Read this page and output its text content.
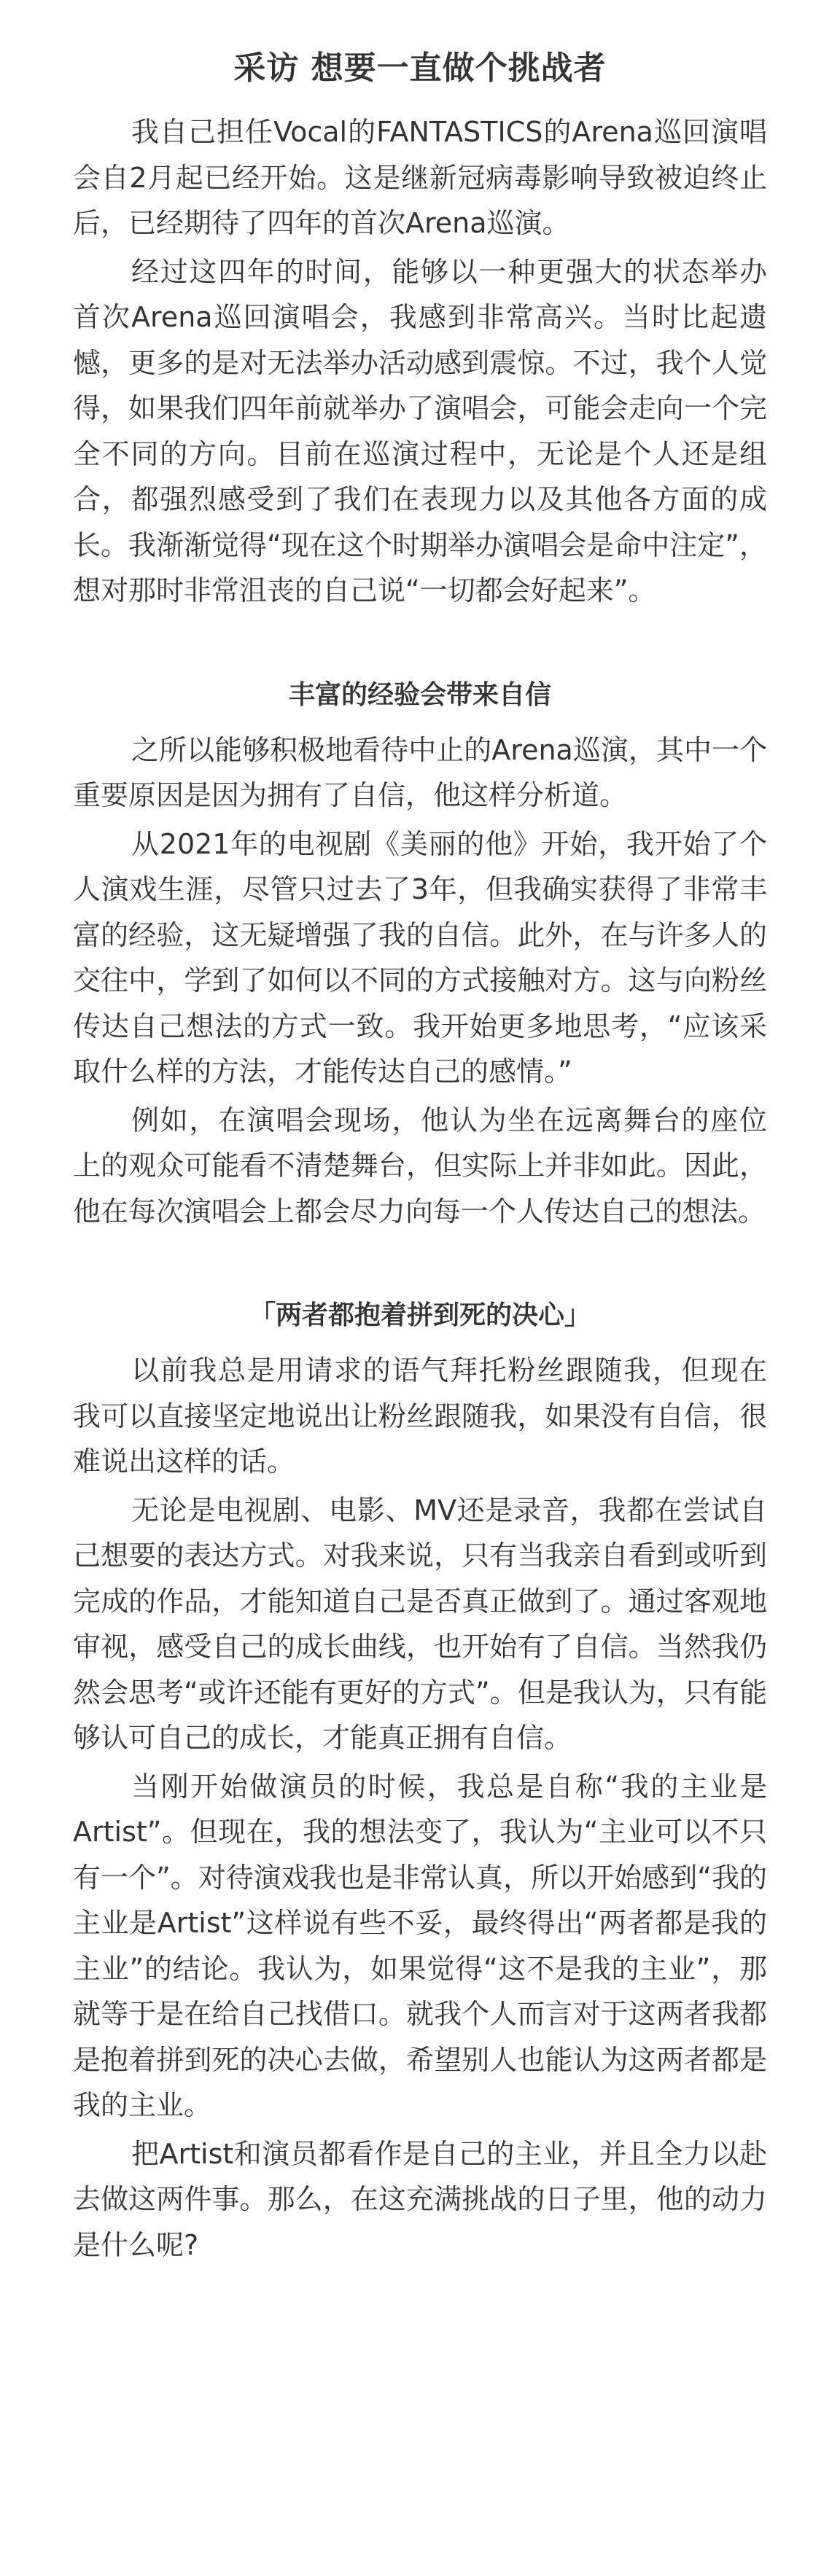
采访 想要一直做个挑战者

我自己担任Vocal的FANTASTICS的Arena巡回演唱会自2月起已经开始。这是继新冠病毒影响导致被迫终止后，已经期待了四年的首次Arena巡演。

经过这四年的时间，能够以一种更强大的状态举办首次Arena巡回演唱会，我感到非常高兴。当时比起遗憾，更多的是对无法举办活动感到震惊。不过，我个人觉得，如果我们四年前就举办了演唱会，可能会走向一个完全不同的方向。目前在巡演过程中，无论是个人还是组合，都强烈感受到了我们在表现力以及其他各方面的成长。我渐渐觉得“现在这个时期举办演唱会是命中注定”，想对那时非常沮丧的自己说“一切都会好起来”。

丰富的经验会带来自信

之所以能够积极地看待中止的Arena巡演，其中一个重要原因是因为拥有了自信，他这样分析道。

从2021年的电视剧《美丽的他》开始，我开始了个人演戏生涯，尽管只过去了3年，但我确实获得了非常丰富的经验，这无疑增强了我的自信。此外，在与许多人的交往中，学到了如何以不同的方式接触对方。这与向粉丝传达自己想法的方式一致。我开始更多地思考，“应该采取什么样的方法，才能传达自己的感情。”

例如，在演唱会现场，他认为坐在远离舞台的座位上的观众可能看不清楚舞台，但实际上并非如此。因此，他在每次演唱会上都会尽力向每一个人传达自己的想法。

「两者都抱着拼到死的决心」

以前我总是用请求的语气拜托粉丝跟随我，但现在我可以直接坚定地说出让粉丝跟随我，如果没有自信，很难说出这样的话。

无论是电视剧、电影、MV还是录音，我都在尝试自己想要的表达方式。对我来说，只有当我亲自看到或听到完成的作品，才能知道自己是否真正做到了。通过客观地审视，感受自己的成长曲线，也开始有了自信。当然我仍然会思考“或许还能有更好的方式”。但是我认为，只有能够认可自己的成长，才能真正拥有自信。

当刚开始做演员的时候，我总是自称“我的主业是Artist”。但现在，我的想法变了，我认为“主业可以不只有一个”。对待演戏我也是非常认真，所以开始感到“我的主业是Artist”这样说有些不妥，最终得出“两者都是我的主业”的结论。我认为，如果觉得“这不是我的主业”，那就等于是在给自己找借口。就我个人而言对于这两者我都是抱着拼到死的决心去做，希望别人也能认为这两者都是我的主业。

把Artist和演员都看作是自己的主业，并且全力以赴去做这两件事。那么，在这充满挑战的日子里，他的动力是什么呢?
